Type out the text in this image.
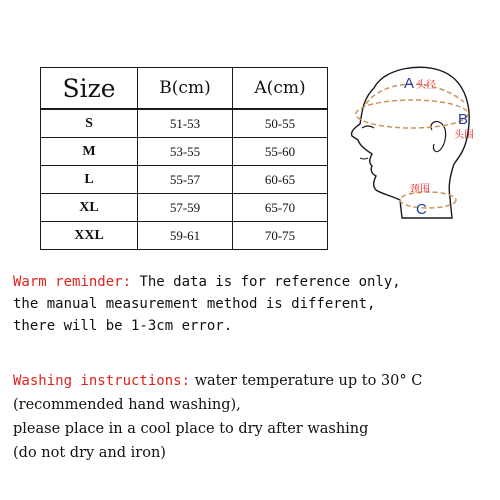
Size	B(cm)	A(cm)
S	51-53	50-55
M	53-55	55-60
L	55-57	60-65
XL	57-59	65-70
XXL	59-61	70-75
A 头径
B
头围
颈围
C
Warm reminder: The data is for reference only,
the manual measurement method is different,
there will be 1-3cm error.
Washing instructions: water temperature up to 30° C
(recommended hand washing),
please place in a cool place to dry after washing
(do not dry and iron)
